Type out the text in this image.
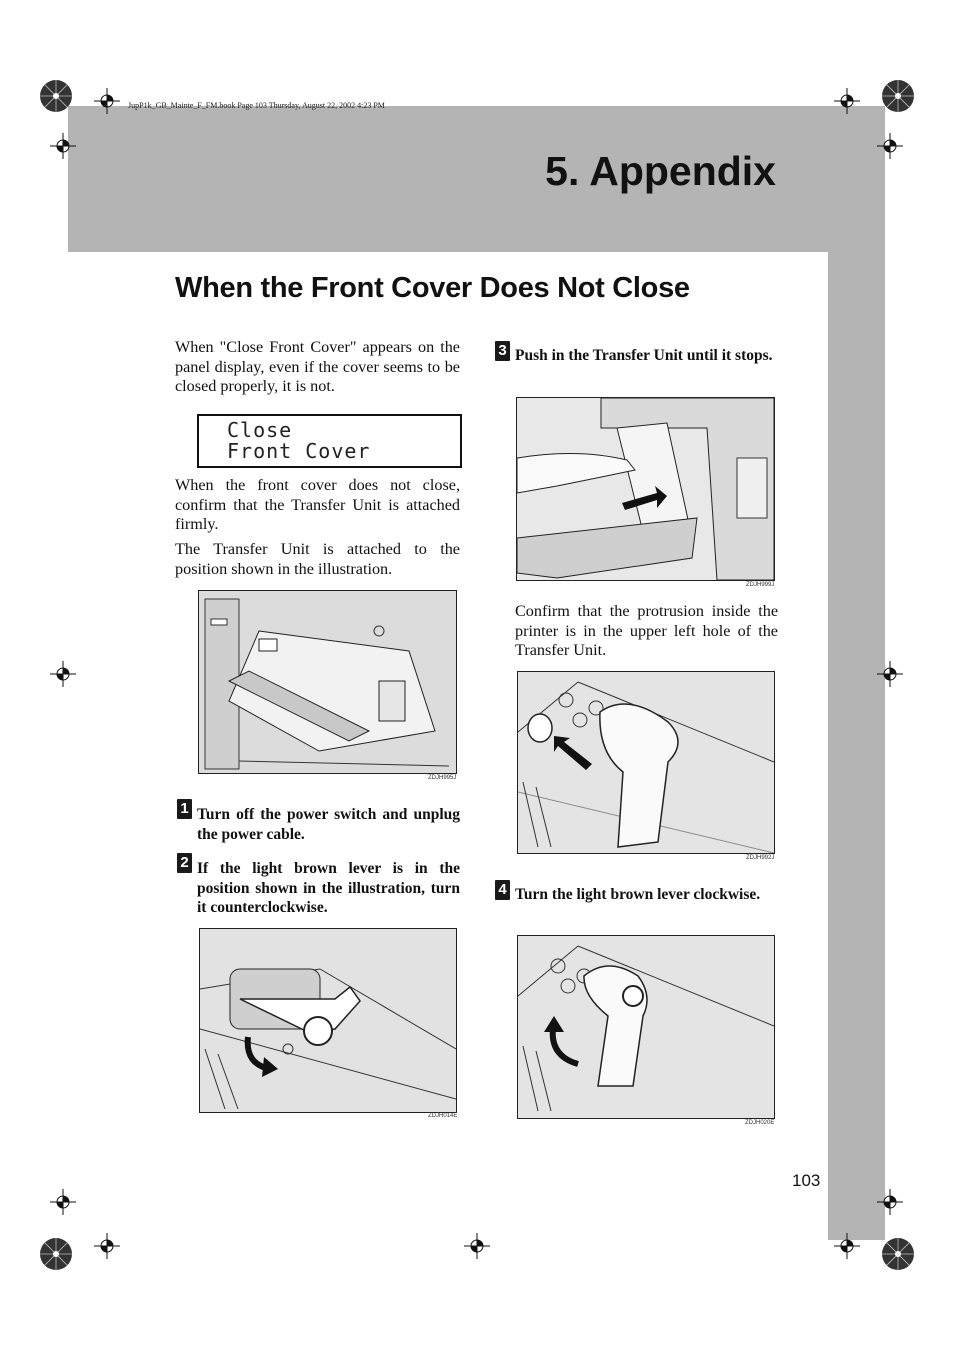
JupP1k_GB_Mainte_F_FM.book Page 103 Thursday, August 22, 2002 4:23 PM
5. Appendix
When the Front Cover Does Not Close

When "Close Front Cover" appears on the panel display, even if the cover seems to be closed properly, it is not.

Close
Front Cover

When the front cover does not close, confirm that the Transfer Unit is attached firmly.

The Transfer Unit is attached to the position shown in the illustration.

ZDJH995J
1 Turn off the power switch and unplug the power cable.
2 If the light brown lever is in the position shown in the illustration, turn it counterclockwise.
ZDJH014E
3 Push in the Transfer Unit until it stops.
ZDJH999J

Confirm that the protrusion inside the printer is in the upper left hole of the Transfer Unit.

ZDJH992J
4 Turn the light brown lever clockwise.
ZDJH020E
103
